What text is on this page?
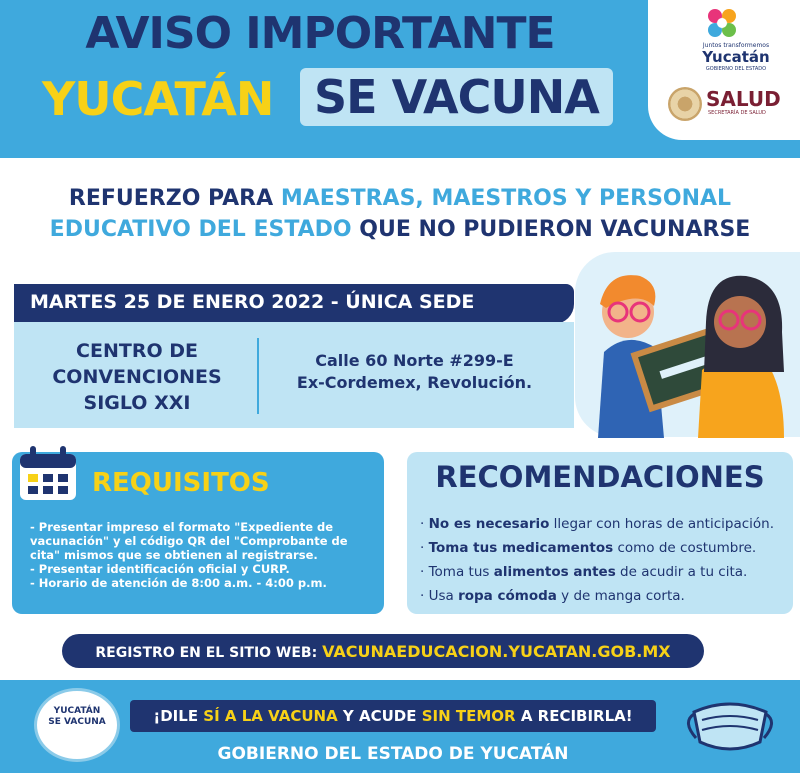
AVISO IMPORTANTE
YUCATÁN SE VACUNA
Juntos transformemos
Yucatán
GOBIERNO DEL ESTADO
SALUD
SECRETARÍA DE SALUD
REFUERZO PARA MAESTRAS, MAESTROS Y PERSONAL
EDUCATIVO DEL ESTADO QUE NO PUDIERON VACUNARSE
MARTES 25 DE ENERO 2022 - ÚNICA SEDE
CENTRO DE
CONVENCIONES
SIGLO XXI
Calle 60 Norte #299-E
Ex-Cordemex, Revolución.
REQUISITOS
- Presentar impreso el formato "Expediente de vacunación" y el código QR del "Comprobante de cita" mismos que se obtienen al registrarse.
- Presentar identificación oficial y CURP.
- Horario de atención de 8:00 a.m. - 4:00 p.m.
RECOMENDACIONES
· No es necesario llegar con horas de anticipación.
· Toma tus medicamentos como de costumbre.
· Toma tus alimentos antes de acudir a tu cita.
· Usa ropa cómoda y de manga corta.
REGISTRO EN EL SITIO WEB: VACUNAEDUCACION.YUCATAN.GOB.MX
YUCATÁN
SE VACUNA	¡DILE SÍ A LA VACUNA Y ACUDE SIN TEMOR A RECIBIRLA!
GOBIERNO DEL ESTADO DE YUCATÁN
